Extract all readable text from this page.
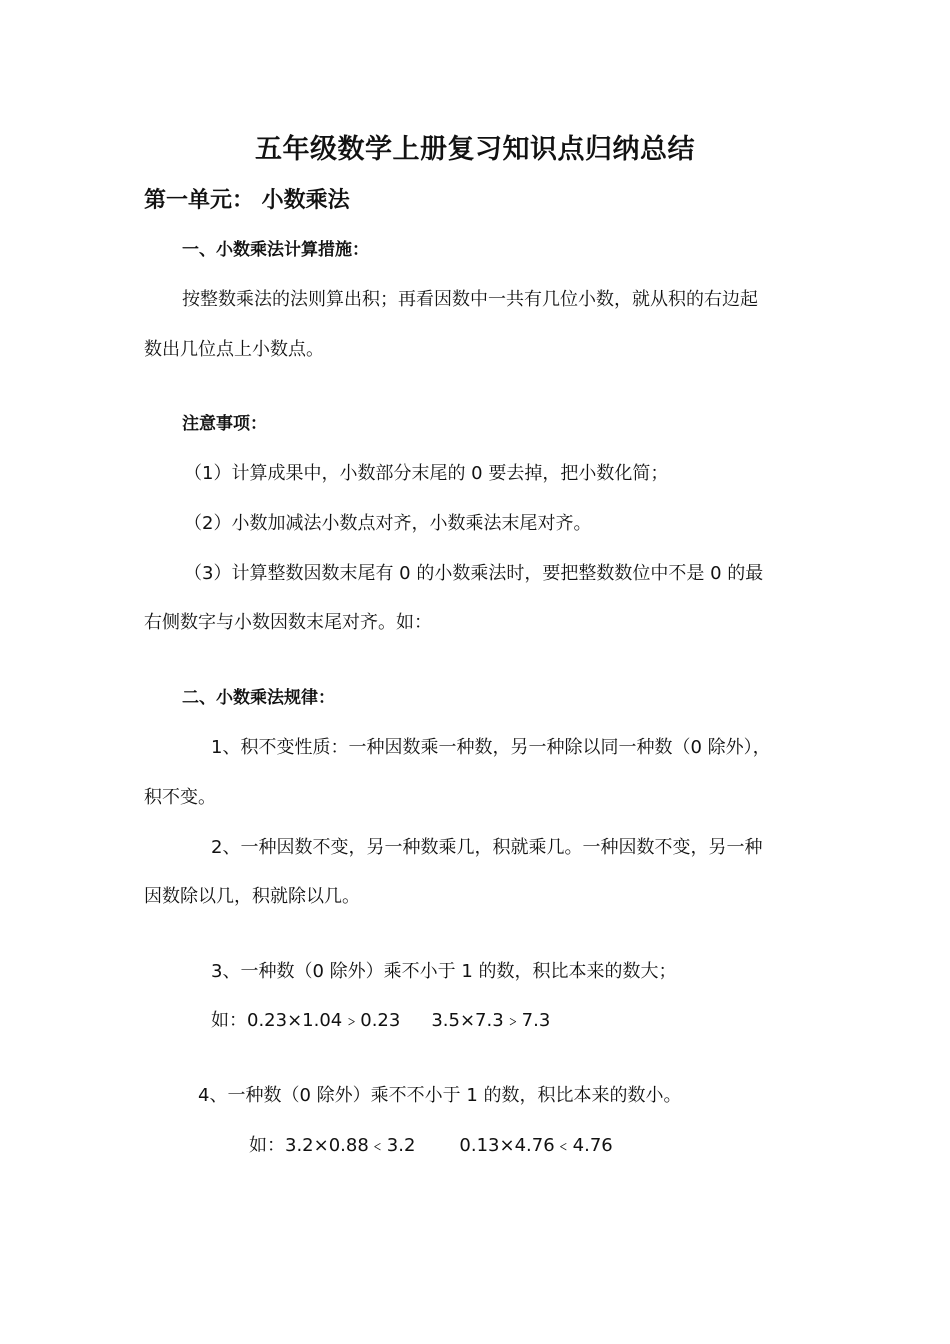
五年级数学上册复习知识点归纳总结
第一单元： 小数乘法
一、小数乘法计算措施：

按整数乘法的法则算出积；再看因数中一共有几位小数，就从积的右边起

数出几位点上小数点。

注意事项：

（1）计算成果中，小数部分末尾的 0 要去掉，把小数化简；

（2）小数加减法小数点对齐，小数乘法末尾对齐。

（3）计算整数因数末尾有 0 的小数乘法时，要把整数数位中不是 0 的最

右侧数字与小数因数末尾对齐。如：

二、小数乘法规律：

1、积不变性质：一种因数乘一种数，另一种除以同一种数（0 除外），

积不变。

2、一种因数不变，另一种数乘几，积就乘几。一种因数不变，另一种

因数除以几，积就除以几。

3、一种数（0 除外）乘不小于 1 的数，积比本来的数大；

如：0.23×1.04﹥0.23 3.5×7.3﹥7.3

4、一种数（0 除外）乘不不小于 1 的数，积比本来的数小。

如：3.2×0.88﹤3.2 0.13×4.76﹤4.76
